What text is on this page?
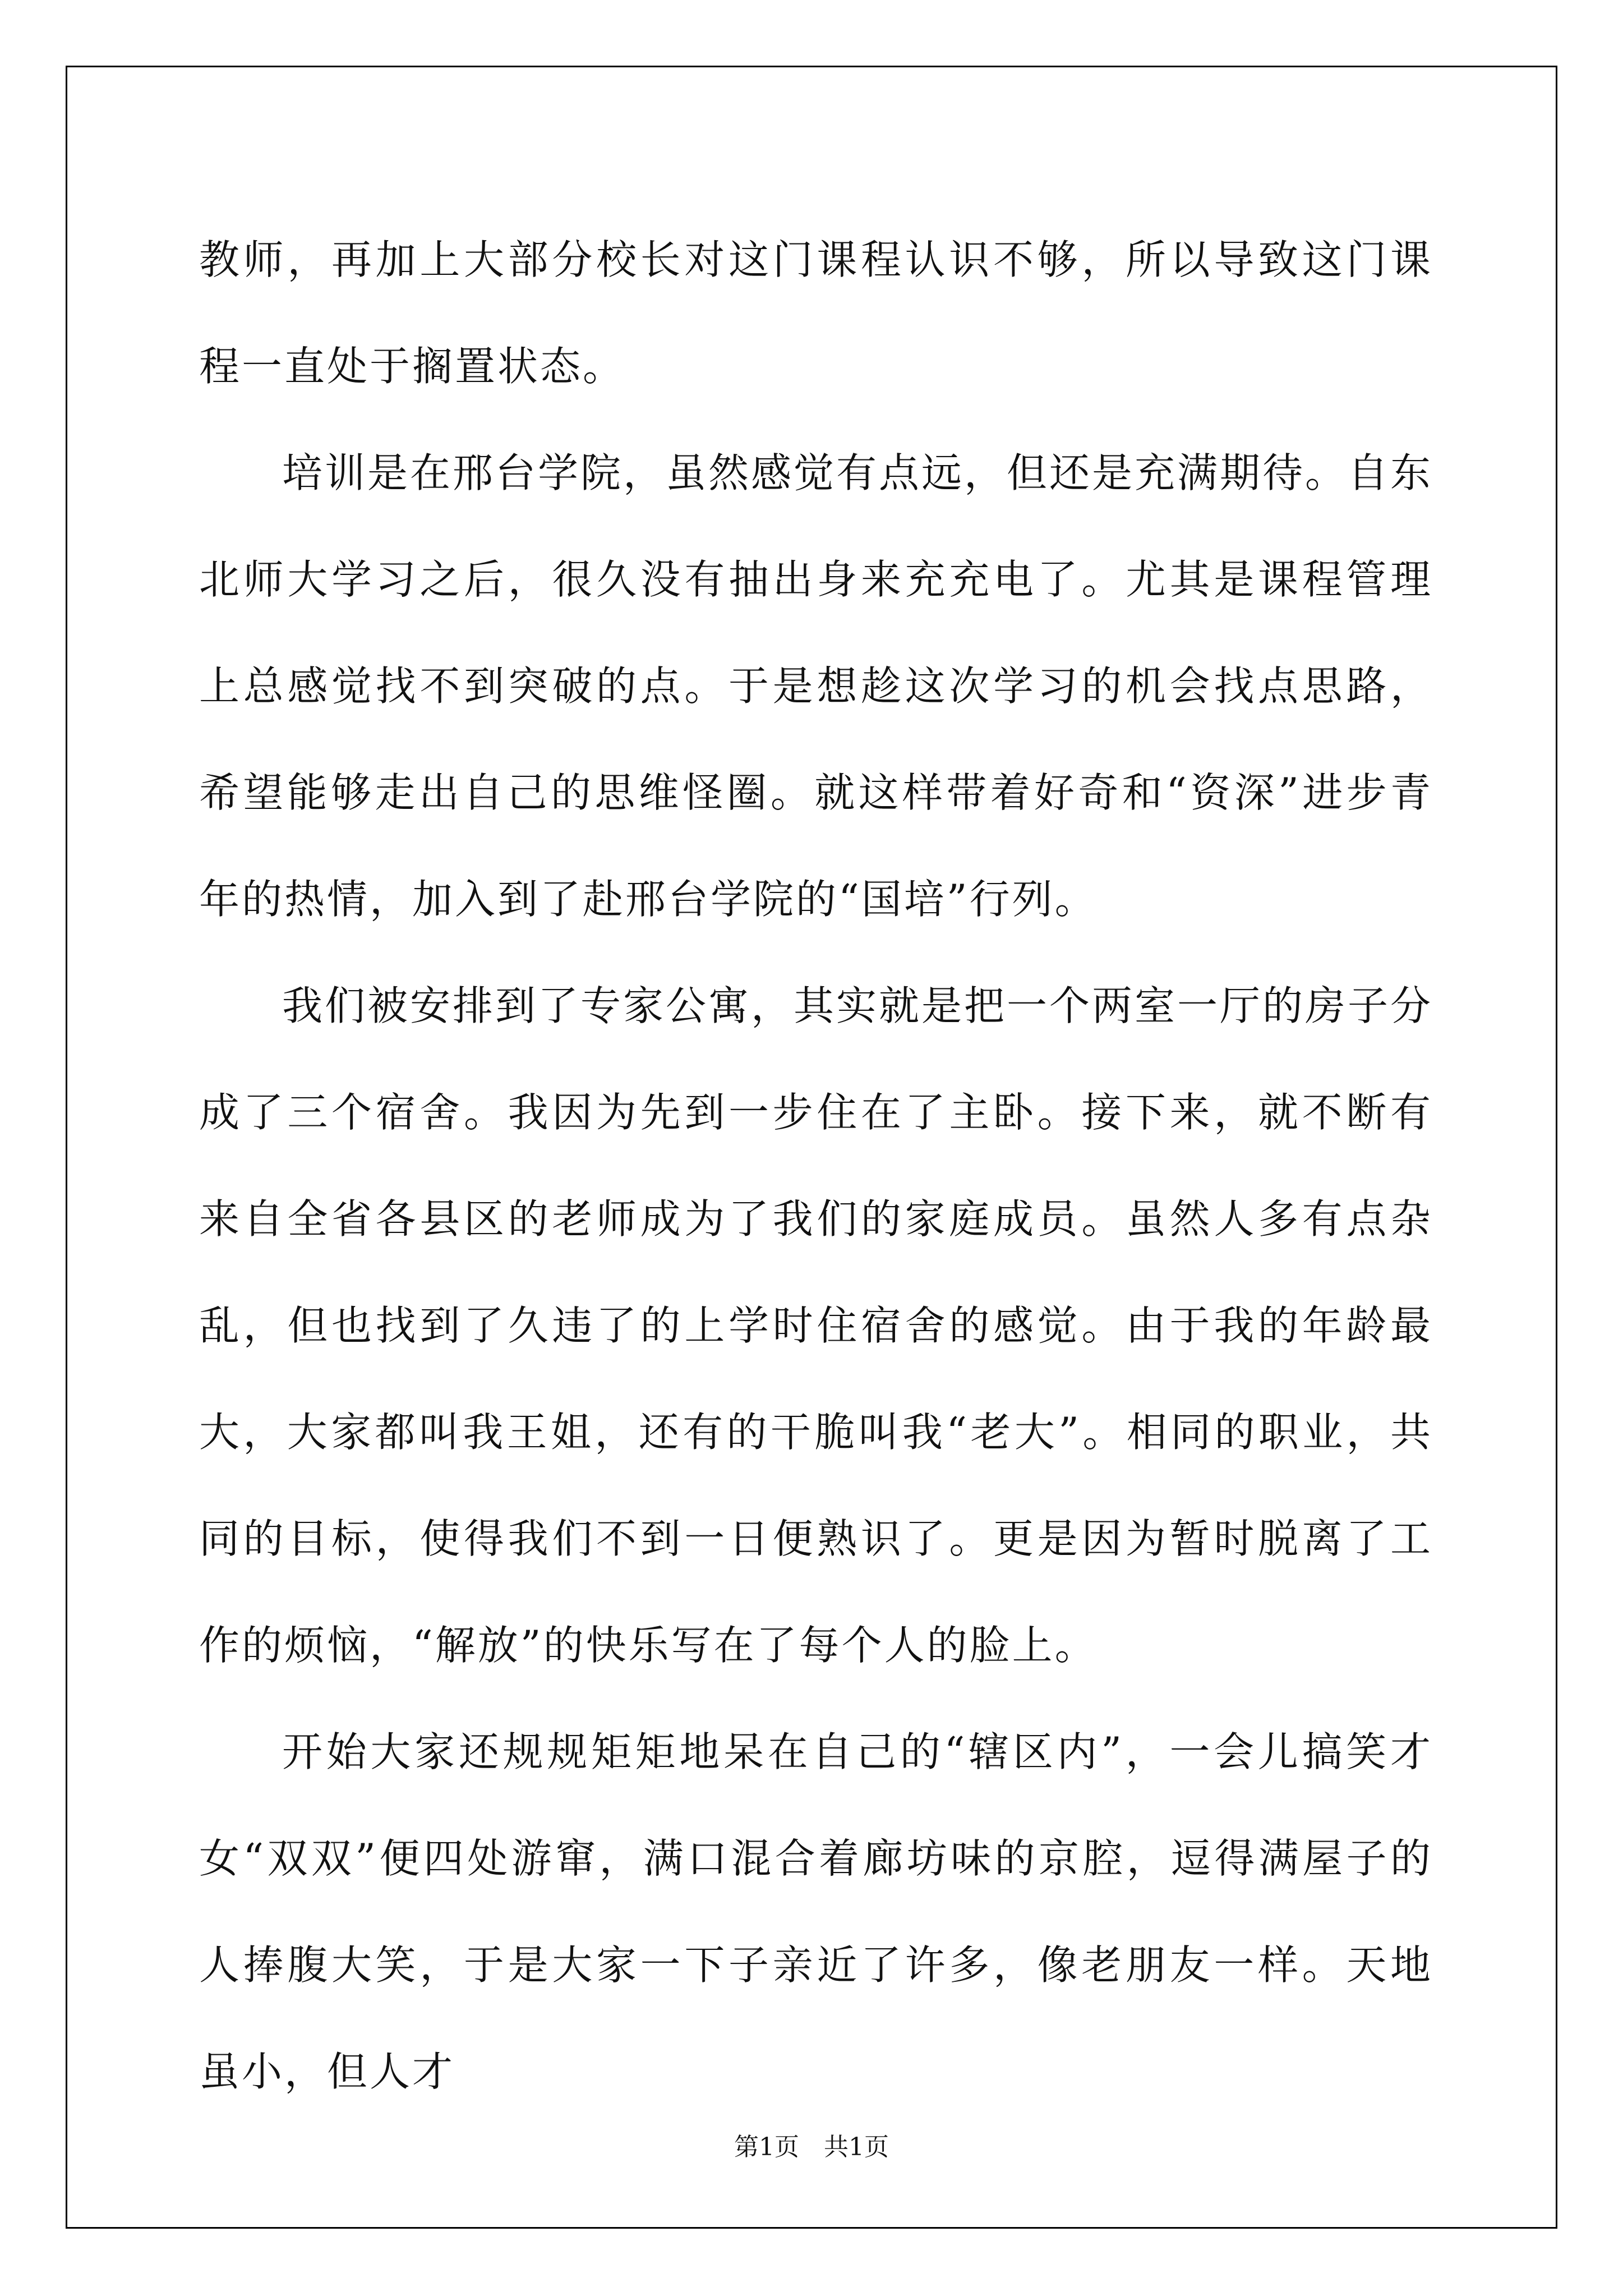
教师，再加上大部分校长对这门课程认识不够，所以导致这门课程一直处于搁置状态。

培训是在邢台学院，虽然感觉有点远，但还是充满期待。自东北师大学习之后，很久没有抽出身来充充电了。尤其是课程管理上总感觉找不到突破的点。于是想趁这次学习的机会找点思路，希望能够走出自己的思维怪圈。就这样带着好奇和“资深”进步青年的热情，加入到了赴邢台学院的“国培”行列。

我们被安排到了专家公寓，其实就是把一个两室一厅的房子分成了三个宿舍。我因为先到一步住在了主卧。接下来，就不断有来自全省各县区的老师成为了我们的家庭成员。虽然人多有点杂乱，但也找到了久违了的上学时住宿舍的感觉。由于我的年龄最大，大家都叫我王姐，还有的干脆叫我“老大”。相同的职业，共同的目标，使得我们不到一日便熟识了。更是因为暂时脱离了工作的烦恼，“解放”的快乐写在了每个人的脸上。

开始大家还规规矩矩地呆在自己的“辖区内”，一会儿搞笑才女“双双”便四处游窜，满口混合着廊坊味的京腔，逗得满屋子的人捧腹大笑，于是大家一下子亲近了许多，像老朋友一样。天地虽小，但人才

第1页　共1页
